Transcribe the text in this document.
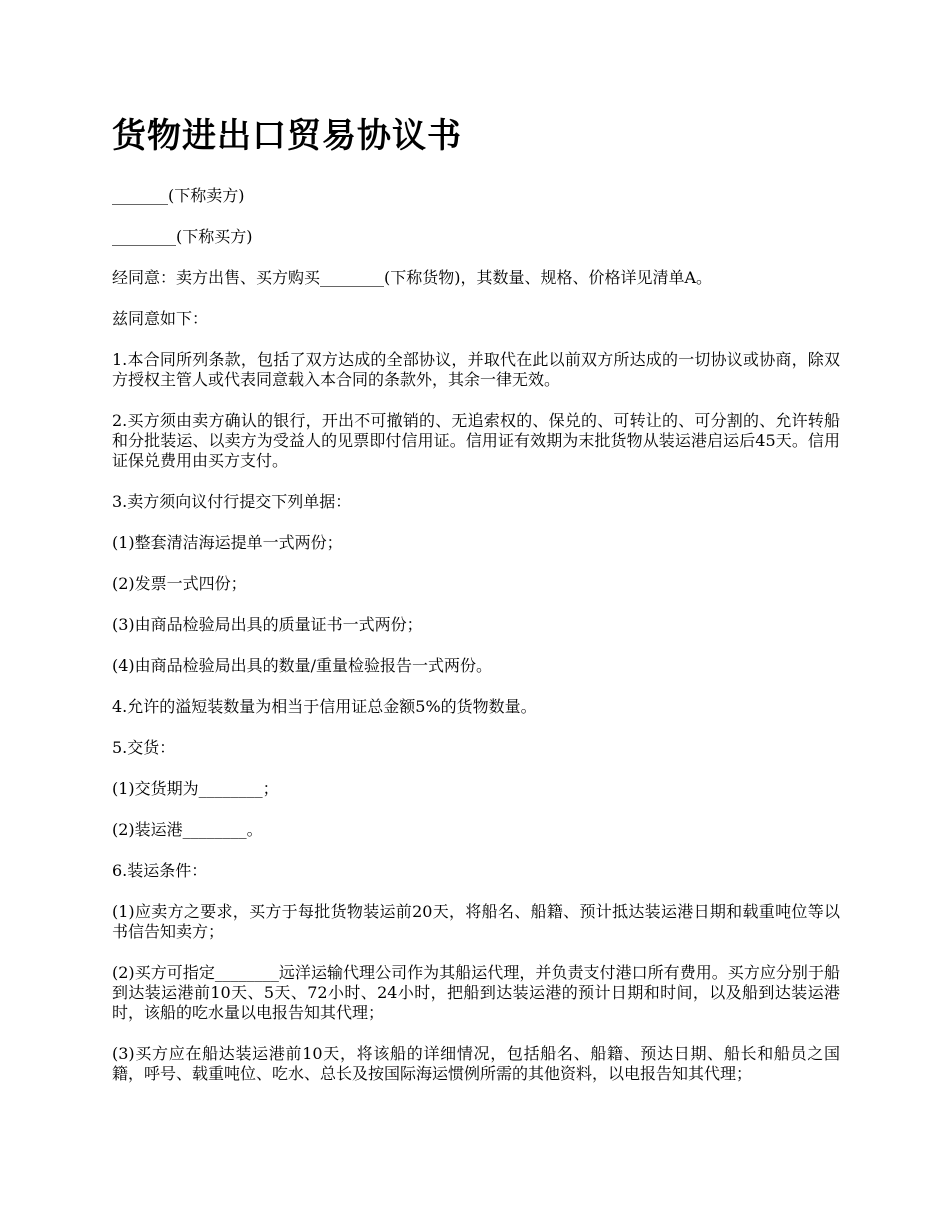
货物进出口贸易协议书

_______(下称卖方)

________(下称买方)

经同意：卖方出售、买方购买________(下称货物)，其数量、规格、价格详见清单A。

兹同意如下：

1.本合同所列条款，包括了双方达成的全部协议，并取代在此以前双方所达成的一切协议或协商，除双方授权主管人或代表同意载入本合同的条款外，其余一律无效。

2.买方须由卖方确认的银行，开出不可撤销的、无追索权的、保兑的、可转让的、可分割的、允许转船和分批装运、以卖方为受益人的见票即付信用证。信用证有效期为末批货物从装运港启运后45天。信用证保兑费用由买方支付。

3.卖方须向议付行提交下列单据：

(1)整套清洁海运提单一式两份；

(2)发票一式四份；

(3)由商品检验局出具的质量证书一式两份；

(4)由商品检验局出具的数量/重量检验报告一式两份。

4.允许的溢短装数量为相当于信用证总金额5%的货物数量。

5.交货：

(1)交货期为________；

(2)装运港________。

6.装运条件：

(1)应卖方之要求，买方于每批货物装运前20天，将船名、船籍、预计抵达装运港日期和载重吨位等以书信告知卖方；

(2)买方可指定________远洋运输代理公司作为其船运代理，并负责支付港口所有费用。买方应分别于船到达装运港前10天、5天、72小时、24小时，把船到达装运港的预计日期和时间，以及船到达装运港时，该船的吃水量以电报告知其代理；

(3)买方应在船达装运港前10天，将该船的详细情况，包括船名、船籍、预达日期、船长和船员之国籍，呼号、载重吨位、吃水、总长及按国际海运惯例所需的其他资料，以电报告知其代理；
